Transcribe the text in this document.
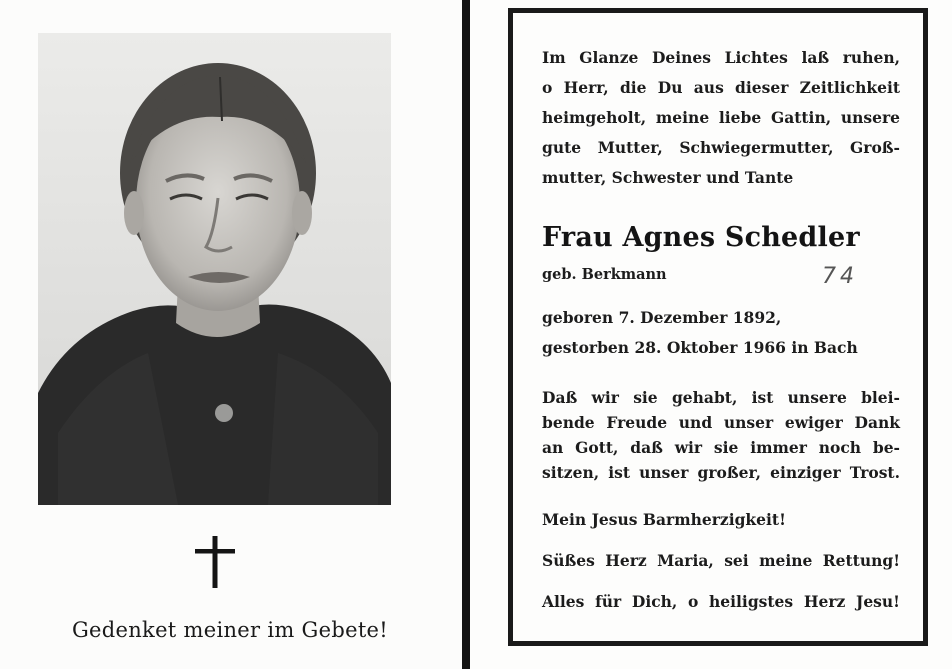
Gedenket meiner im Gebete!
Im Glanze Deines Lichtes laß ruhen,
o Herr, die Du aus dieser Zeitlichkeit
heimgeholt, meine liebe Gattin, unsere
gute Mutter, Schwiegermutter, Groß-
mutter, Schwester und Tante
Frau Agnes Schedler
geb. Berkmann	74
geboren 7. Dezember 1892,
gestorben 28. Oktober 1966 in Bach
Daß wir sie gehabt, ist unsere blei-
bende Freude und unser ewiger Dank
an Gott, daß wir sie immer noch be-
sitzen, ist unser großer, einziger Trost.
Mein Jesus Barmherzigkeit!
Süßes Herz Maria, sei meine Rettung!
Alles für Dich, o heiligstes Herz Jesu!
